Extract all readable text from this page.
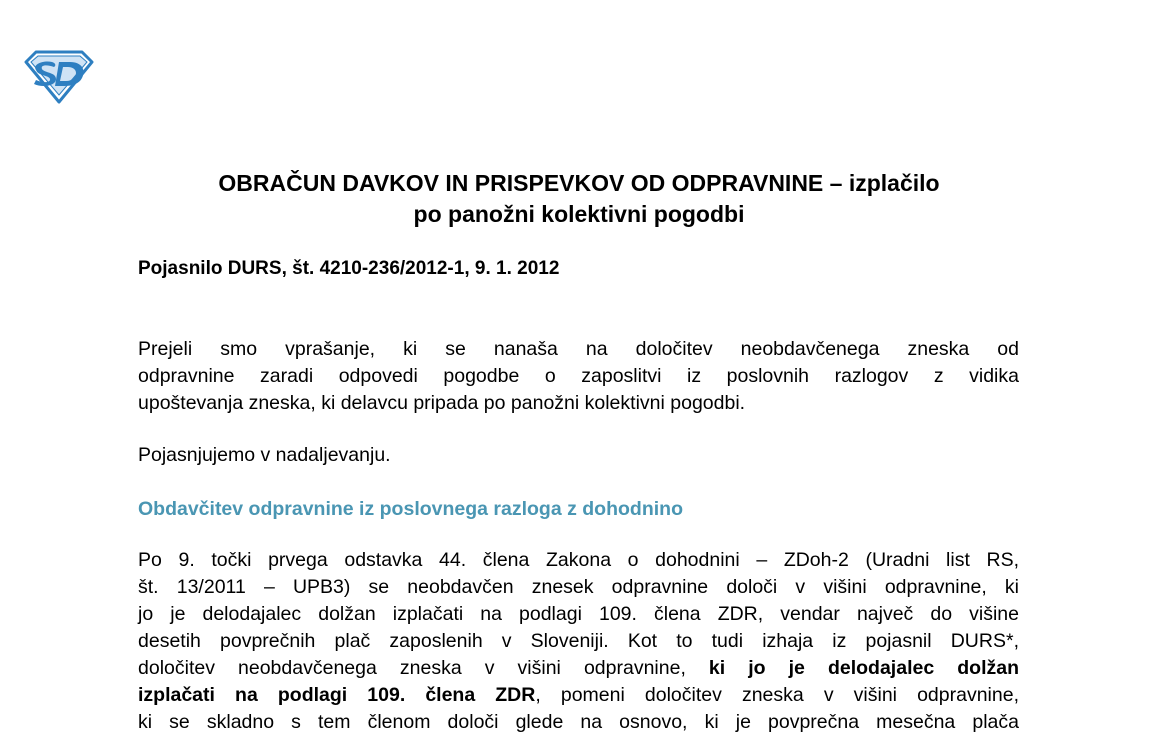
OBRAČUN DAVKOV IN PRISPEVKOV OD ODPRAVNINE – izplačilo
po panožni kolektivni pogodbi
Pojasnilo DURS, št. 4210-236/2012-1, 9. 1. 2012
Prejeli smo vprašanje, ki se nanaša na določitev neobdavčenega zneska od
odpravnine zaradi odpovedi pogodbe o zaposlitvi iz poslovnih razlogov z vidika
upoštevanja zneska, ki delavcu pripada po panožni kolektivni pogodbi.
Pojasnjujemo v nadaljevanju.
Obdavčitev odpravnine iz poslovnega razloga z dohodnino
Po 9. točki prvega odstavka 44. člena Zakona o dohodnini – ZDoh-2 (Uradni list RS,
št. 13/2011 – UPB3) se neobdavčen znesek odpravnine določi v višini odpravnine, ki
jo je delodajalec dolžan izplačati na podlagi 109. člena ZDR, vendar največ do višine
desetih povprečnih plač zaposlenih v Sloveniji. Kot to tudi izhaja iz pojasnil DURS*,
določitev neobdavčenega zneska v višini odpravnine, ki jo je delodajalec dolžan
izplačati na podlagi 109. člena ZDR, pomeni določitev zneska v višini odpravnine,
ki se skladno s tem členom določi glede na osnovo, ki je povprečna mesečna plača
